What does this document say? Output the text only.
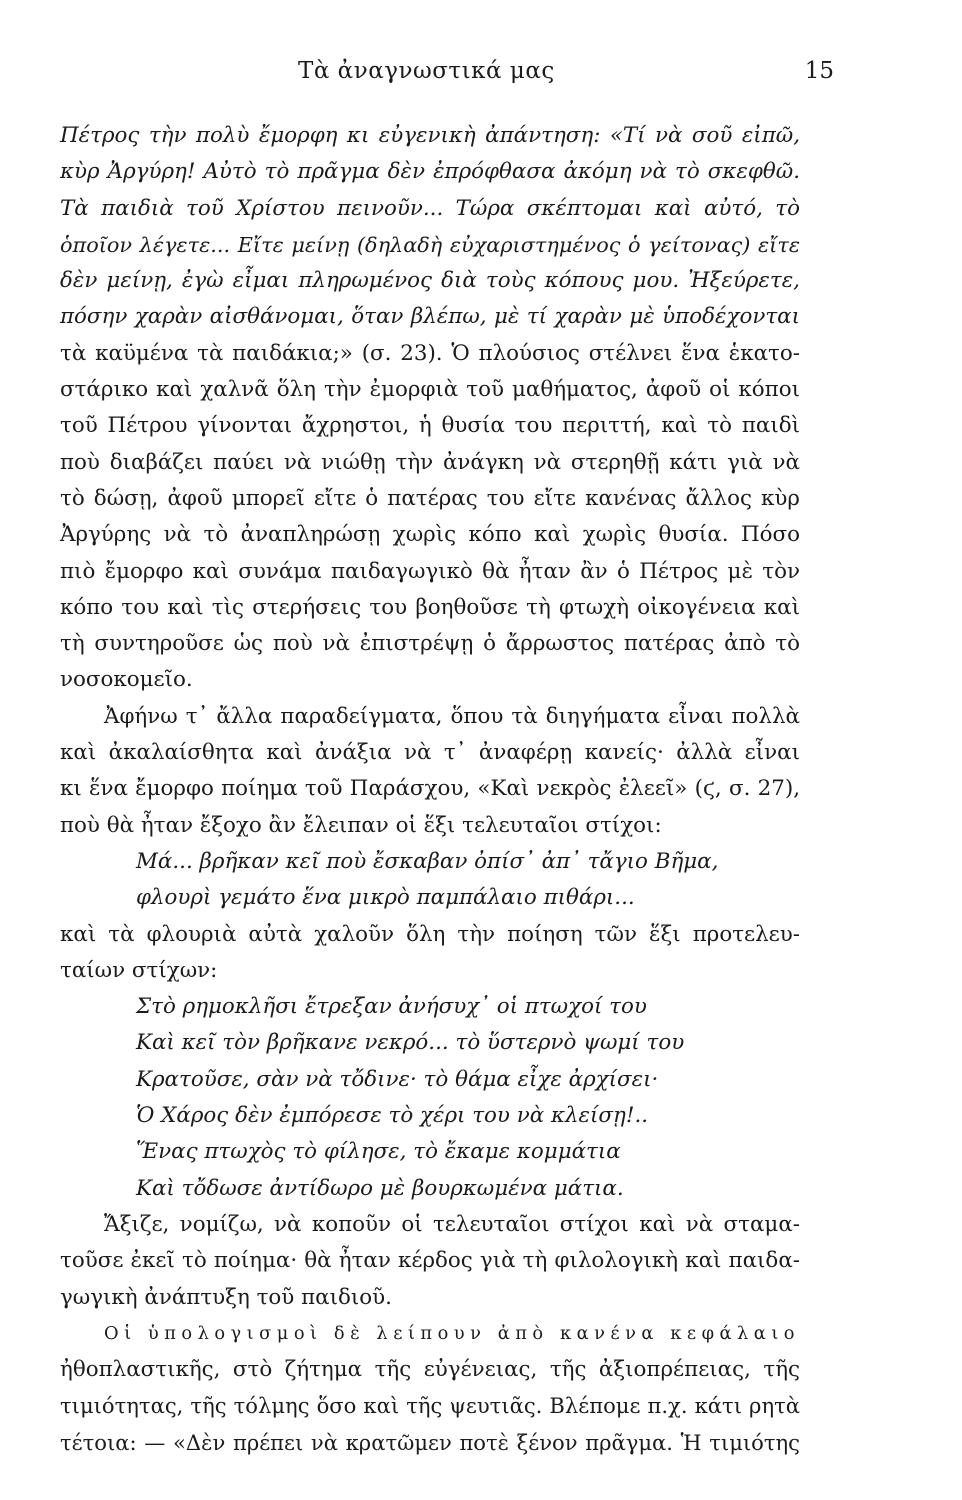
Τὰ ἀναγνωστικά μας	15
Πέτρος τὴν πολὺ ἔμορφη κι εὐγενικὴ ἀπάντηση: «Τί νὰ σοῦ εἰπῶ,
κὺρ Ἀργύρη! Αὐτὸ τὸ πρᾶγμα δὲν ἐπρόφθασα ἀκόμη νὰ τὸ σκεφθῶ.
Τὰ παιδιὰ τοῦ Χρίστου πεινοῦν... Τώρα σκέπτομαι καὶ αὐτό, τὸ
ὁποῖον λέγετε... Εἴτε μείνῃ (δηλαδὴ εὐχαριστημένος ὁ γείτονας) εἴτε
δὲν μείνῃ, ἐγὼ εἶμαι πληρωμένος διὰ τοὺς κόπους μου. Ἠξεύρετε,
πόσην χαρὰν αἰσθάνομαι, ὅταν βλέπω, μὲ τί χαρὰν μὲ ὑποδέχονται
τὰ καϋμένα τὰ παιδάκια;» (σ. 23). Ὁ πλούσιος στέλνει ἕνα ἑκατο-
στάρικο καὶ χαλνᾶ ὅλη τὴν ἐμορφιὰ τοῦ μαθήματος, ἀφοῦ οἱ κόποι
τοῦ Πέτρου γίνονται ἄχρηστοι, ἡ θυσία του περιττή, καὶ τὸ παιδὶ
ποὺ διαβάζει παύει νὰ νιώθῃ τὴν ἀνάγκη νὰ στερηθῇ κάτι γιὰ νὰ
τὸ δώσῃ, ἀφοῦ μπορεῖ εἴτε ὁ πατέρας του εἴτε κανένας ἄλλος κὺρ
Ἀργύρης νὰ τὸ ἀναπληρώσῃ χωρὶς κόπο καὶ χωρὶς θυσία. Πόσο
πιὸ ἔμορφο καὶ συνάμα παιδαγωγικὸ θὰ ἦταν ἂν ὁ Πέτρος μὲ τὸν
κόπο του καὶ τὶς στερήσεις του βοηθοῦσε τὴ φτωχὴ οἰκογένεια καὶ
τὴ συντηροῦσε ὡς ποὺ νὰ ἐπιστρέψῃ ὁ ἄρρωστος πατέρας ἀπὸ τὸ
νοσοκομεῖο.
Ἀφήνω τ᾽ ἄλλα παραδείγματα, ὅπου τὰ διηγήματα εἶναι πολλὰ
καὶ ἀκαλαίσθητα καὶ ἀνάξια νὰ τ᾽ ἀναφέρῃ κανείς· ἀλλὰ εἶναι
κι ἕνα ἔμορφο ποίημα τοῦ Παράσχου, «Καὶ νεκρὸς ἐλεεῖ» (ϛ, σ. 27),
ποὺ θὰ ἦταν ἔξοχο ἂν ἔλειπαν οἱ ἕξι τελευταῖοι στίχοι:
Μά... βρῆκαν κεῖ ποὺ ἔσκαβαν ὀπίσ᾽ ἀπ᾽ τἄγιο Βῆμα,
φλουρὶ γεμάτο ἕνα μικρὸ παμπάλαιο πιθάρι...
καὶ τὰ φλουριὰ αὐτὰ χαλοῦν ὅλη τὴν ποίηση τῶν ἕξι προτελευ-
ταίων στίχων:
Στὸ ρημοκλῆσι ἔτρεξαν ἀνήσυχ᾽ οἱ πτωχοί του
Καὶ κεῖ τὸν βρῆκανε νεκρό... τὸ ὕστερνὸ ψωμί του
Κρατοῦσε, σὰν νὰ τὄδινε· τὸ θάμα εἶχε ἀρχίσει·
Ὁ Χάρος δὲν ἐμπόρεσε τὸ χέρι του νὰ κλείσῃ!..
Ἕνας πτωχὸς τὸ φίλησε, τὸ ἔκαμε κομμάτια
Καὶ τὄδωσε ἀντίδωρο μὲ βουρκωμένα μάτια.
Ἄξιζε, νομίζω, νὰ κοποῦν οἱ τελευταῖοι στίχοι καὶ νὰ σταμα-
τοῦσε ἐκεῖ τὸ ποίημα· θὰ ἦταν κέρδος γιὰ τὴ φιλολογικὴ καὶ παιδα-
γωγικὴ ἀνάπτυξη τοῦ παιδιοῦ.
Οἱ ὑπολογισμοὶ δὲ λείπουν ἀπὸ κανένα κεφάλαιο
ἠθοπλαστικῆς, στὸ ζήτημα τῆς εὐγένειας, τῆς ἀξιοπρέπειας, τῆς
τιμιότητας, τῆς τόλμης ὅσο καὶ τῆς ψευτιᾶς. Βλέπομε π.χ. κάτι ρητὰ
τέτοια: — «Δὲν πρέπει νὰ κρατῶμεν ποτὲ ξένον πρᾶγμα. Ἡ τιμιότης
